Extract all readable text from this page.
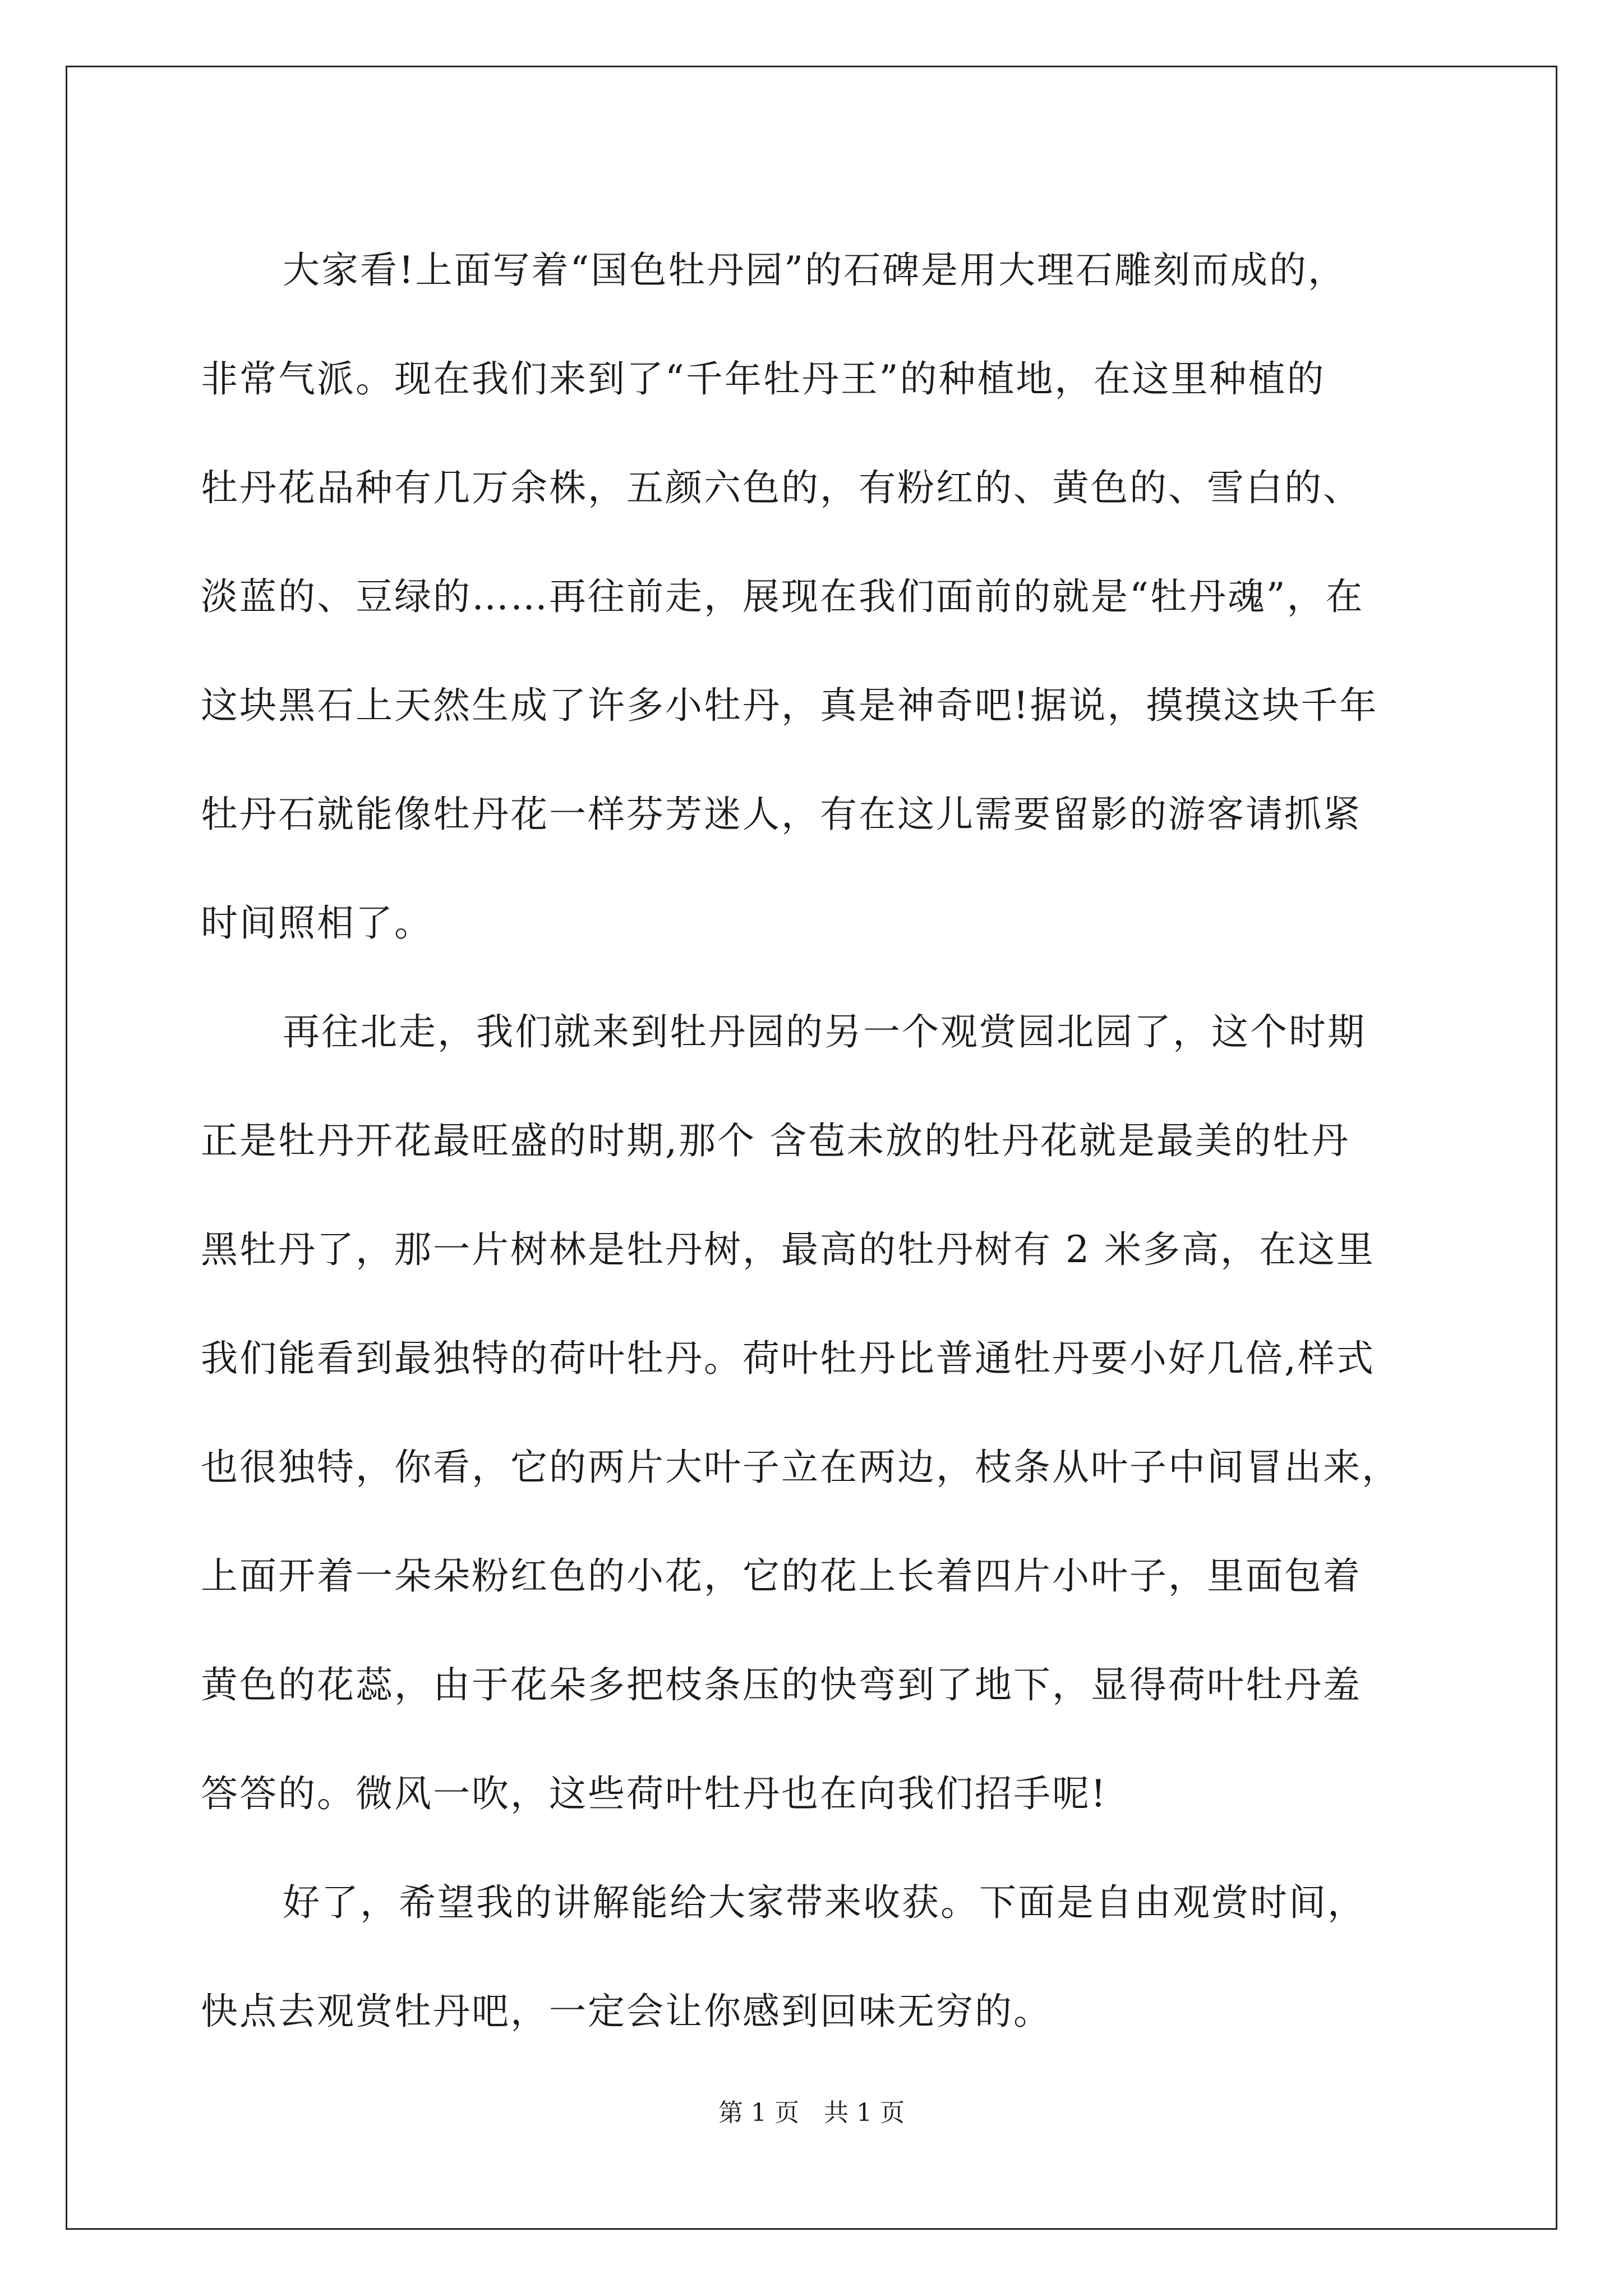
大家看!上面写着“国色牡丹园”的石碑是用大理石雕刻而成的，
非常气派。现在我们来到了“千年牡丹王”的种植地，在这里种植的
牡丹花品种有几万余株，五颜六色的，有粉红的、黄色的、雪白的、
淡蓝的、豆绿的……再往前走，展现在我们面前的就是“牡丹魂”，在
这块黑石上天然生成了许多小牡丹，真是神奇吧!据说，摸摸这块千年
牡丹石就能像牡丹花一样芬芳迷人，有在这儿需要留影的游客请抓紧
时间照相了。
再往北走，我们就来到牡丹园的另一个观赏园北园了，这个时期
正是牡丹开花最旺盛的时期,那个 含苞未放的牡丹花就是最美的牡丹
黑牡丹了，那一片树林是牡丹树，最高的牡丹树有 2 米多高，在这里
我们能看到最独特的荷叶牡丹。荷叶牡丹比普通牡丹要小好几倍,样式
也很独特，你看，它的两片大叶子立在两边，枝条从叶子中间冒出来，
上面开着一朵朵粉红色的小花，它的花上长着四片小叶子，里面包着
黄色的花蕊，由于花朵多把枝条压的快弯到了地下，显得荷叶牡丹羞
答答的。微风一吹，这些荷叶牡丹也在向我们招手呢!
好了，希望我的讲解能给大家带来收获。下面是自由观赏时间，
快点去观赏牡丹吧，一定会让你感到回味无穷的。
第 1 页　共 1 页
